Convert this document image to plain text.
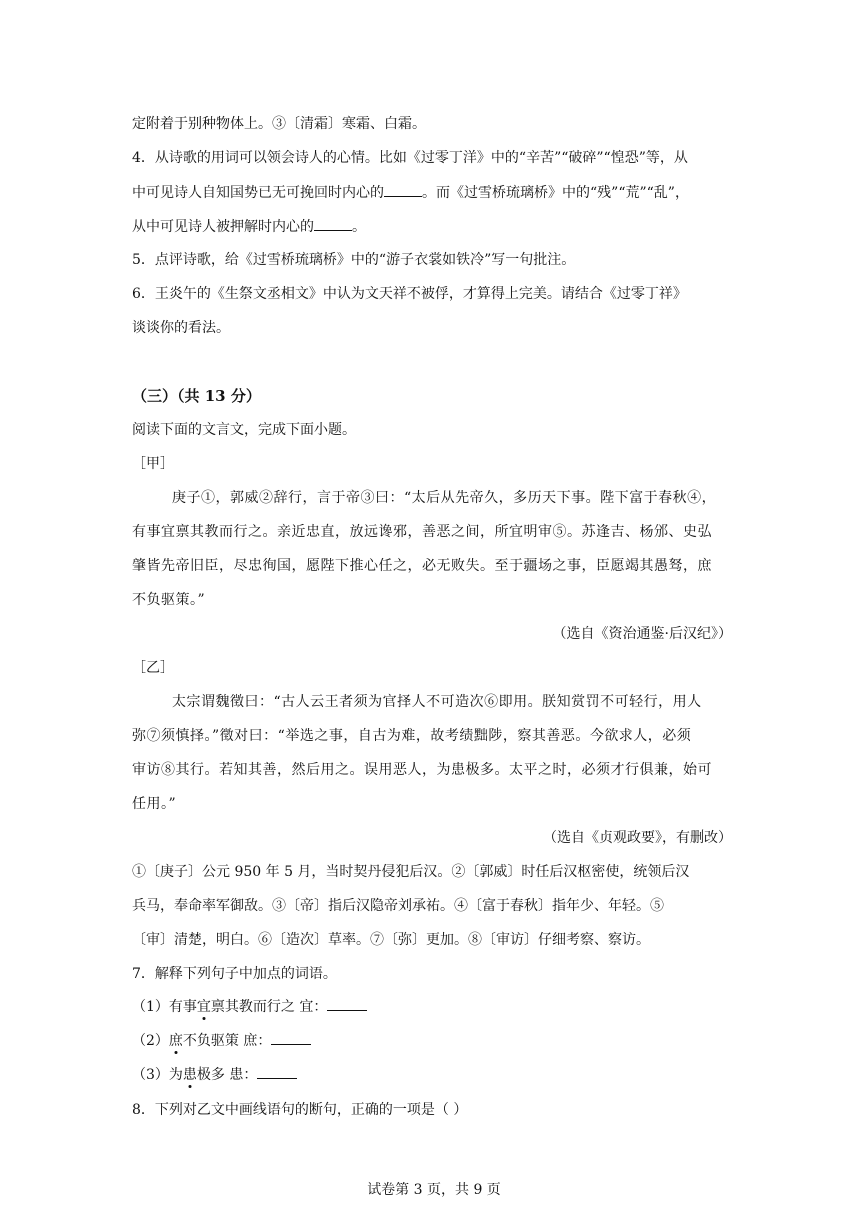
定附着于别种物体上。③〔清霜〕寒霜、白霜。
4．从诗歌的用词可以领会诗人的心情。比如《过零丁洋》中的“辛苦”“破碎”“惶恐”等，从
中可见诗人自知国势已无可挽回时内心的	。而《过雪桥琉璃桥》中的“残”“荒”“乱”，
从中可见诗人被押解时内心的	。
5．点评诗歌，给《过雪桥琉璃桥》中的“游子衣裳如铁冷”写一句批注。
6．王炎午的《生祭文丞相文》中认为文天祥不被俘，才算得上完美。请结合《过零丁祥》
谈谈你的看法。
（三）（共 13 分）
阅读下面的文言文，完成下面小题。
［甲］
庚子①，郭威②辞行，言于帝③曰：“太后从先帝久，多历天下事。陛下富于春秋④，
有事宜禀其教而行之。亲近忠直，放远谗邪，善恶之间，所宜明审⑤。苏逢吉、杨邠、史弘
肇皆先帝旧臣，尽忠徇国，愿陛下推心任之，必无败失。至于疆场之事，臣愿竭其愚驽，庶
不负驱策。”
（选自《资治通鉴·后汉纪》）
［乙］
太宗谓魏徵曰：“古人云王者须为官择人不可造次⑥即用。朕知赏罚不可轻行，用人
弥⑦须慎择。”徵对曰：“举选之事，自古为难，故考绩黜陟，察其善恶。今欲求人，必须
审访⑧其行。若知其善，然后用之。误用恶人，为患极多。太平之时，必须才行俱兼，始可
任用。”
（选自《贞观政要》，有删改）
①〔庚子〕公元 950 年 5 月，当时契丹侵犯后汉。②〔郭威〕时任后汉枢密使，统领后汉
兵马，奉命率军御敌。③〔帝〕指后汉隐帝刘承祐。④〔富于春秋〕指年少、年轻。⑤
〔审〕清楚，明白。⑥〔造次〕草率。⑦〔弥〕更加。⑧〔审访〕仔细考察、察访。
7．解释下列句子中加点的词语。
（1）有事宜禀其教而行之 宜：
（2）庶不负驱策 庶：
（3）为患极多 患：
8．下列对乙文中画线语句的断句，正确的一项是（ ）
试卷第 3 页，共 9 页
